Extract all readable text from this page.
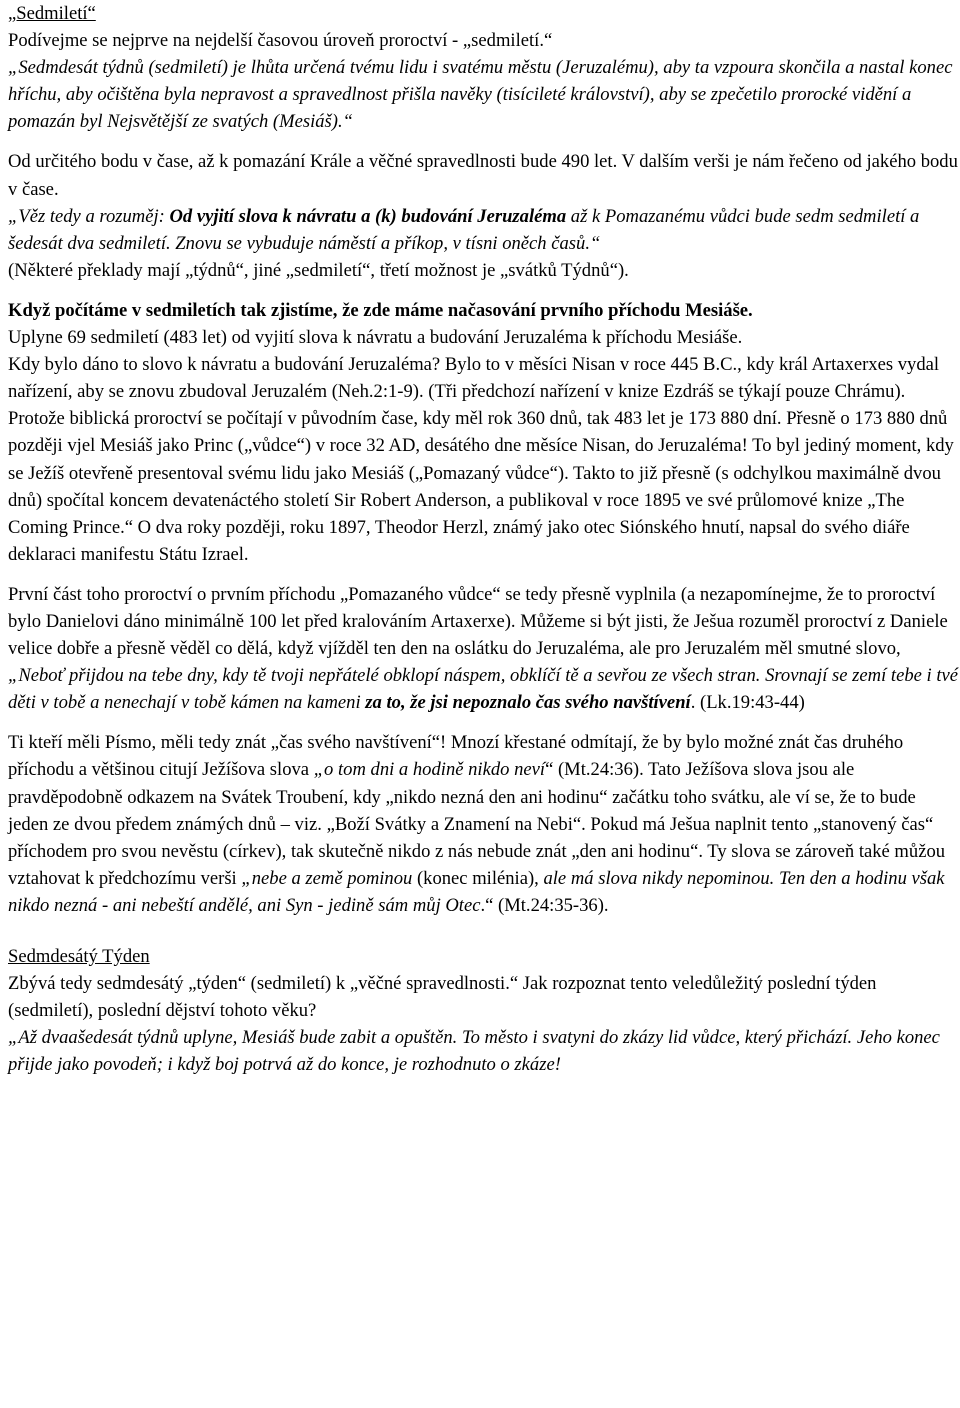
„Sedmiletí“

Podívejme se nejprve na nejdelší časovou úroveň proroctví - „sedmiletí.“

„Sedmdesát týdnů (sedmiletí) je lhůta určená tvému lidu i svatému městu (Jeruzalému), aby ta vzpoura skončila a nastal konec hříchu, aby očištěna byla nepravost a spravedlnost přišla navěky (tisícileté království), aby se zpečetilo prorocké vidění a pomazán byl Nejsvětější ze svatých (Mesiáš).“

Od určitého bodu v čase, až k pomazání Krále a věčné spravedlnosti bude 490 let. V dalším verši je nám řečeno od jakého bodu v čase.

„Věz tedy a rozuměj: Od vyjití slova k návratu a (k) budování Jeruzaléma až k Pomazanému vůdci bude sedm sedmiletí a šedesát dva sedmiletí. Znovu se vybuduje náměstí a příkop, v tísni oněch časů.“

(Některé překlady mají „týdnů“, jiné „sedmiletí“, třetí možnost je „svátků Týdnů“).

Když počítáme v sedmiletích tak zjistíme, že zde máme načasování prvního příchodu Mesiáše.

Uplyne 69 sedmiletí (483 let) od vyjití slova k návratu a budování Jeruzaléma k příchodu Mesiáše.

Kdy bylo dáno to slovo k návratu a budování Jeruzaléma? Bylo to v měsíci Nisan v roce 445 B.C., kdy král Artaxerxes vydal nařízení, aby se znovu zbudoval Jeruzalém (Neh.2:1-9). (Tři předchozí nařízení v knize Ezdráš se týkají pouze Chrámu).

Protože biblická proroctví se počítají v původním čase, kdy měl rok 360 dnů, tak 483 let je 173 880 dní. Přesně o 173 880 dnů později vjel Mesiáš jako Princ („vůdce“) v roce 32 AD, desátého dne měsíce Nisan, do Jeruzaléma! To byl jediný moment, kdy se Ježíš otevřeně presentoval svému lidu jako Mesiáš („Pomazaný vůdce“). Takto to již přesně (s odchylkou maximálně dvou dnů) spočítal koncem devatenáctého století Sir Robert Anderson, a publikoval v roce 1895 ve své průlomové knize „The Coming Prince.“ O dva roky později, roku 1897, Theodor Herzl, známý jako otec Siónského hnutí, napsal do svého diáře deklaraci manifestu Státu Izrael.

První část toho proroctví o prvním příchodu „Pomazaného vůdce“ se tedy přesně vyplnila (a nezapomínejme, že to proroctví bylo Danielovi dáno minimálně 100 let před kralováním Artaxerxe). Můžeme si být jisti, že Ješua rozuměl proroctví z Daniele velice dobře a přesně věděl co dělá, když vjížděl ten den na oslátku do Jeruzaléma, ale pro Jeruzalém měl smutné slovo, „Neboť přijdou na tebe dny, kdy tě tvoji nepřátelé obklopí náspem, obklíčí tě a sevřou ze všech stran. Srovnají se zemí tebe i tvé děti v tobě a nenechají v tobě kámen na kameni za to, že jsi nepoznalo čas svého navštívení. (Lk.19:43-44)

Ti kteří měli Písmo, měli tedy znát „čas svého navštívení“! Mnozí křestané odmítají, že by bylo možné znát čas druhého příchodu a většinou citují Ježíšova slova „o tom dni a hodině nikdo neví“ (Mt.24:36). Tato Ježíšova slova jsou ale pravděpodobně odkazem na Svátek Troubení, kdy „nikdo nezná den ani hodinu“ začátku toho svátku, ale ví se, že to bude jeden ze dvou předem známých dnů – viz. „Boží Svátky a Znamení na Nebi“. Pokud má Ješua naplnit tento „stanovený čas“ příchodem pro svou nevěstu (církev), tak skutečně nikdo z nás nebude znát „den ani hodinu“. Ty slova se zároveň také můžou vztahovat k předchozímu verši „nebe a země pominou (konec milénia), ale má slova nikdy nepominou. Ten den a hodinu však nikdo nezná - ani nebeští andělé, ani Syn - jedině sám můj Otec.“ (Mt.24:35-36).

Sedmdesátý Týden

Zbývá tedy sedmdesátý „týden“ (sedmiletí) k „věčné spravedlnosti.“ Jak rozpoznat tento veledůležitý poslední týden (sedmiletí), poslední dějství tohoto věku?

„Až dvaašedesát týdnů uplyne, Mesiáš bude zabit a opuštěn. To město i svatyni do zkázy lid vůdce, který přichází. Jeho konec přijde jako povodeň; i když boj potrvá až do konce, je rozhodnuto o zkáze!
